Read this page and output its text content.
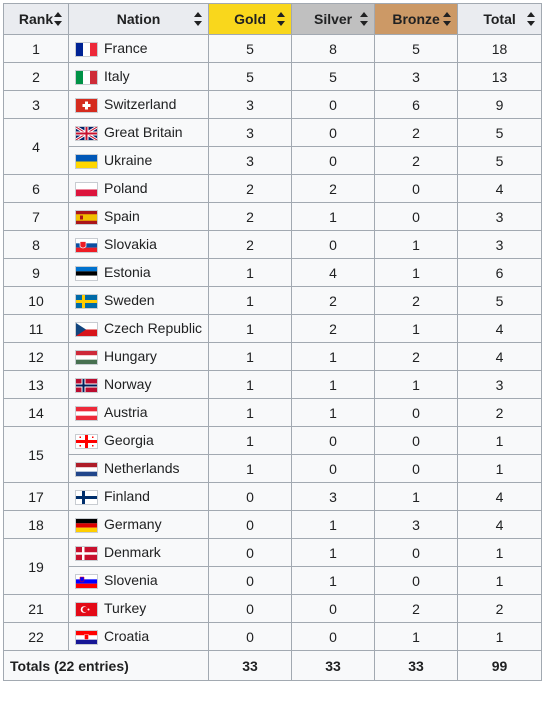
Rank	Nation	Gold	Silver	Bronze	Total

1	France	5	8	5	18
2	Italy	5	5	3	13
3	Switzerland	3	0	6	9
4	Great Britain	3	0	2	5

Ukraine	3	0	2	5
6	Poland	2	2	0	4
7	Spain	2	1	0	3
8	Slovakia	2	0	1	3
9	Estonia	1	4	1	6
10	Sweden	1	2	2	5
11	Czech Republic	1	2	1	4
12	Hungary	1	1	2	4
13	Norway	1	1	1	3
14	Austria	1	1	0	2
15	Georgia	1	0	0	1

Netherlands	1	0	0	1
17	Finland	0	3	1	4
18	Germany	0	1	3	4
19	Denmark	0	1	0	1

Slovenia	0	1	0	1
21	Turkey	0	0	2	2
22	Croatia	0	0	1	1
Totals (22 entries)		33	33	33	99
